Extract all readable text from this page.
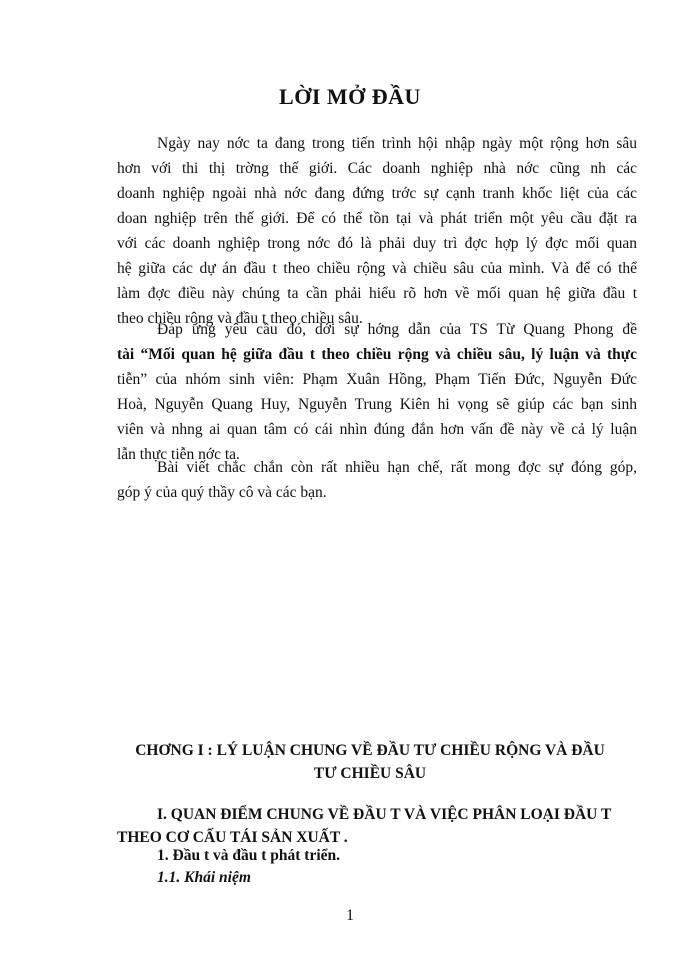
LỜI MỞ ĐẦU
Ngày nay nớc ta đang trong tiến trình hội nhập ngày một rộng hơn sâu
hơn với thi thị trờng thế giới. Các doanh nghiệp nhà nớc cũng nh các
doanh nghiệp ngoài nhà nớc đang đứng trớc sự cạnh tranh khốc liệt của các
doan nghiệp trên thế giới. Để có thể tồn tại và phát triển một yêu cầu đặt ra
với các doanh nghiệp trong nớc đó là phải duy trì đợc hợp lý đợc mối quan
hệ giữa các dự án đầu t theo chiều rộng và chiều sâu của mình. Và để có thể
làm đợc điều này chúng ta cần phải hiểu rõ hơn về mối quan hệ giữa đầu t
theo chiều rộng và đầu t theo chiều sâu.
Đáp ứng yêu cầu đó, dới sự hớng dẫn của TS Từ Quang Phong đề
tài “Mối quan hệ giữa đầu t theo chiều rộng và chiều sâu, lý luận và thực
tiễn” của nhóm sinh viên: Phạm Xuân Hồng, Phạm Tiến Đức, Nguyễn Đức
Hoà, Nguyễn Quang Huy, Nguyễn Trung Kiên hi vọng sẽ giúp các bạn sinh
viên và nhng ai quan tâm có cái nhìn đúng đắn hơn vấn đề này về cả lý luận
lẫn thực tiễn nớc ta.
Bài viết chắc chắn còn rất nhiều hạn chế, rất mong đợc sự đóng góp,
góp ý của quý thầy cô và các bạn.
CHƠNG I : LÝ LUẬN CHUNG VỀ ĐẦU TƯ CHIỀU RỘNG VÀ ĐẦU
TƯ CHIỀU SÂU
I. QUAN ĐIỂM CHUNG VỀ ĐẦU T VÀ VIỆC PHÂN LOẠI ĐẦU T
THEO CƠ CẤU TÁI SẢN XUẤT .
1. Đầu t và đầu t phát triển.
1.1. Khái niệm
1
